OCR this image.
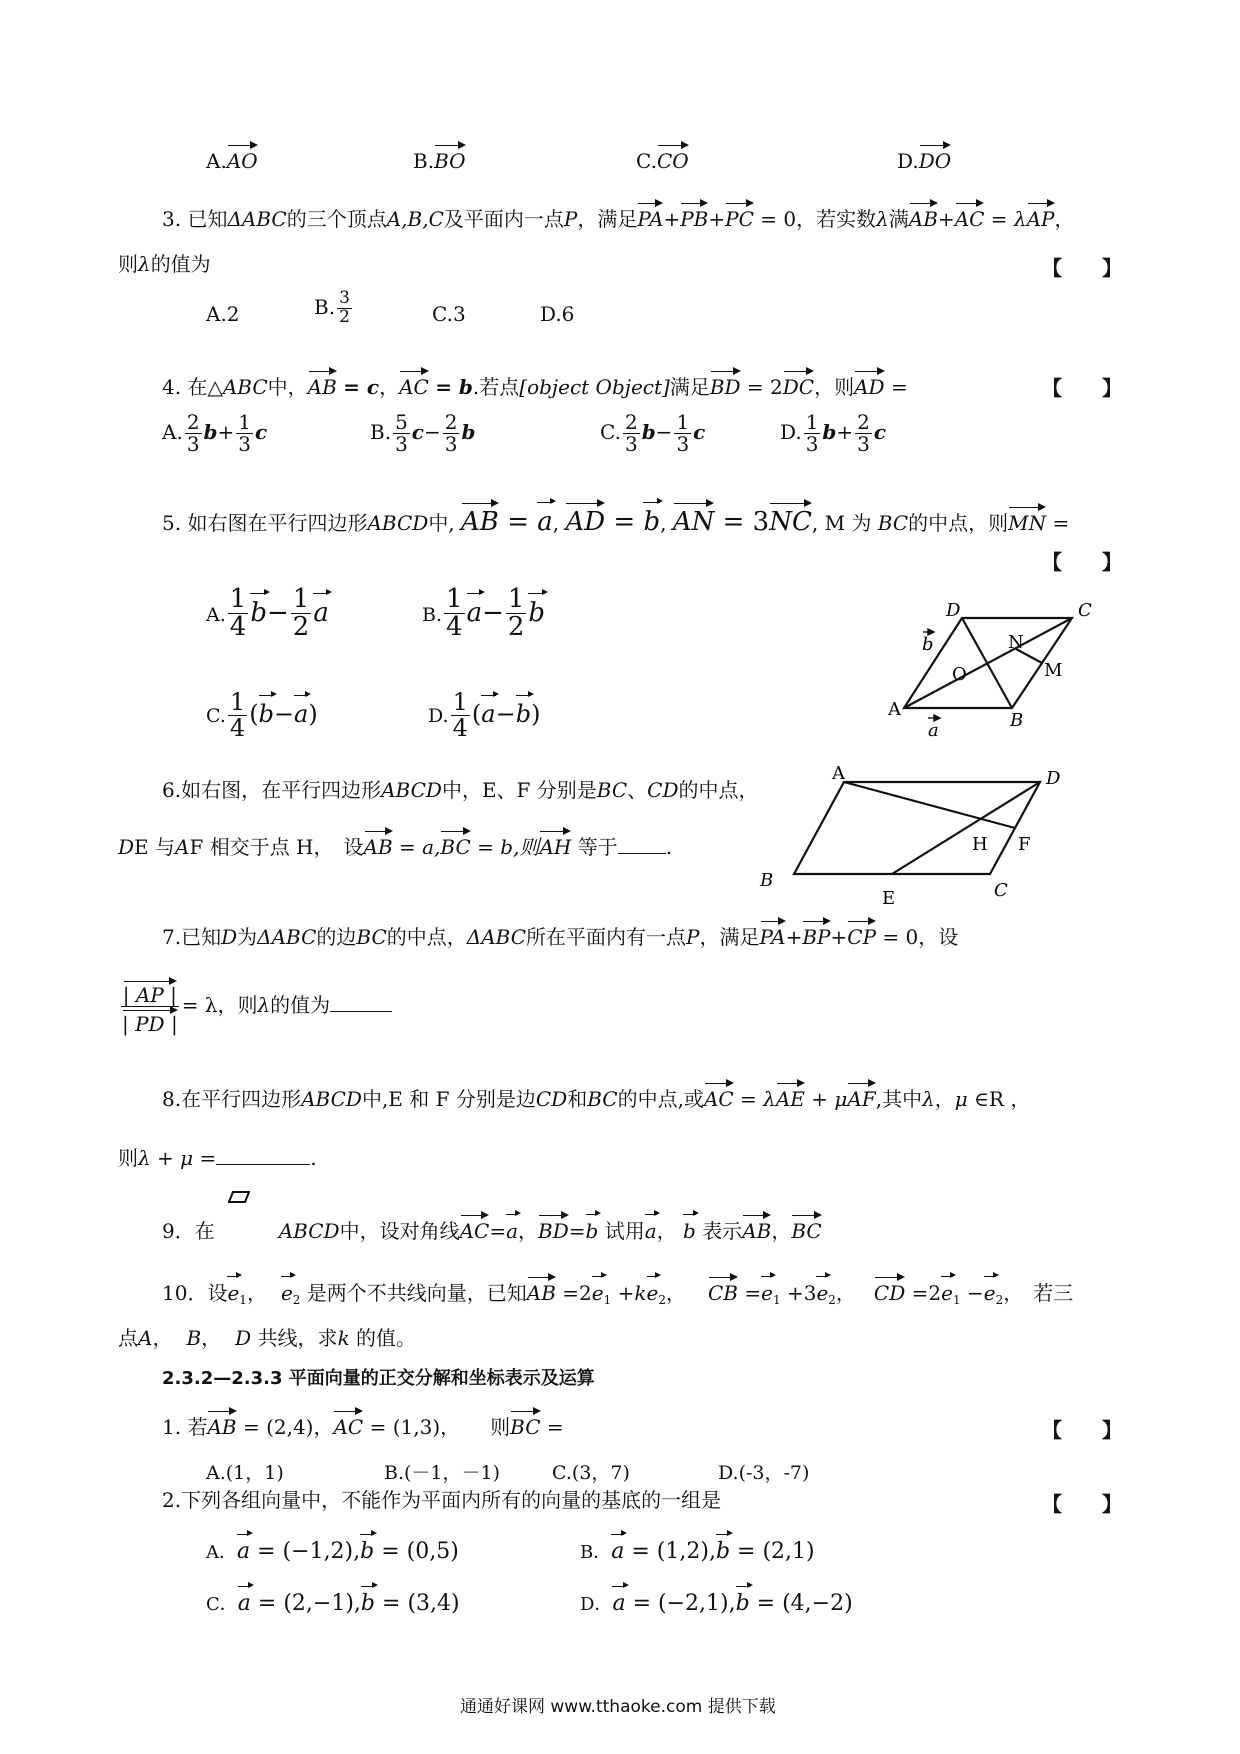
A.AO	B.BO	C.CO	D.DO
3. 已知ΔABC的三个顶点A,B,C及平面内一点P，满足PA+PB+PC = 0，若实数λ满AB+AC = λAP，
则λ的值为	【　　】
A.2	B. $\frac{3}{2}$	C.3	D.6
4. 在△ABC中，AB = c，AC = b.若点[object Object]满足BD = 2DC，则AD =	【　　】
A. $\frac{2}{3} b+ \frac{1}{3}$ c	B. $\frac{5}{3} c- \frac{2}{3}$ b	C. $\frac{2}{3} b- \frac{1}{3}$ c	D. $\frac{1}{3} b+ \frac{2}{3}$ c
5. 如右图在平行四边形ABCD中, AB = a, AD = b, AN = 3NC, M 为 BC的中点，则MN =
【　　】
A. $\frac{1}{4} b- \frac{1}{2}$ a	B. $\frac{1}{4} a- \frac{1}{2}$ b
C. $\frac{1}{4} (b-a)$	D. $\frac{1}{4} (a-b)$	A
B
C
D
N
M
O
a
b
6.如右图，在平行四边形ABCD中，E、F 分别是BC、CD的中点，
DE 与AF 相交于点 H，　设AB = a,BC = b,则AH 等于 .
A	D
B	C
E
F
H
7.已知D为ΔABC的边BC的中点，ΔABC所在平面内有一点P，满足PA+BP+CP = 0，设
$\frac{| AP |}{| PD |} = \lambda$，则λ的值为
8.在平行四边形ABCD中,E 和 F 分别是边CD和BC的中点,或AC = λAE + μAF,其中λ，μ ∈R ，
则λ + μ =	.
9．在	ABCD中，设对角线AC=a，BD=b 试用a， b 表示AB，BC
10．设$e_1$， $e_2$ 是两个不共线向量，已知AB $=2e_1 +ke_2$， CB $=e_1 +3e_2$， CD $=2e_1 -e_2$，　若三
点A， B， D 共线，求k 的值。
2.3.2—2.3.3 平面向量的正交分解和坐标表示及运算
1. 若AB = (2,4)，AC = (1,3)，　　则BC =	【　　】
A.(1，1)	B.(－1，－1)	C.(3，7)	D.(-3，-7)
2.下列各组向量中，不能作为平面内所有的向量的基底的一组是	【　　】
A．a = (−1,2),b = (0,5)	B．a = (1,2),b = (2,1)
C．a = (2,−1),b = (3,4)	D．a = (−2,1),b = (4,−2)
通通好课网 www.tthaoke.com 提供下载
